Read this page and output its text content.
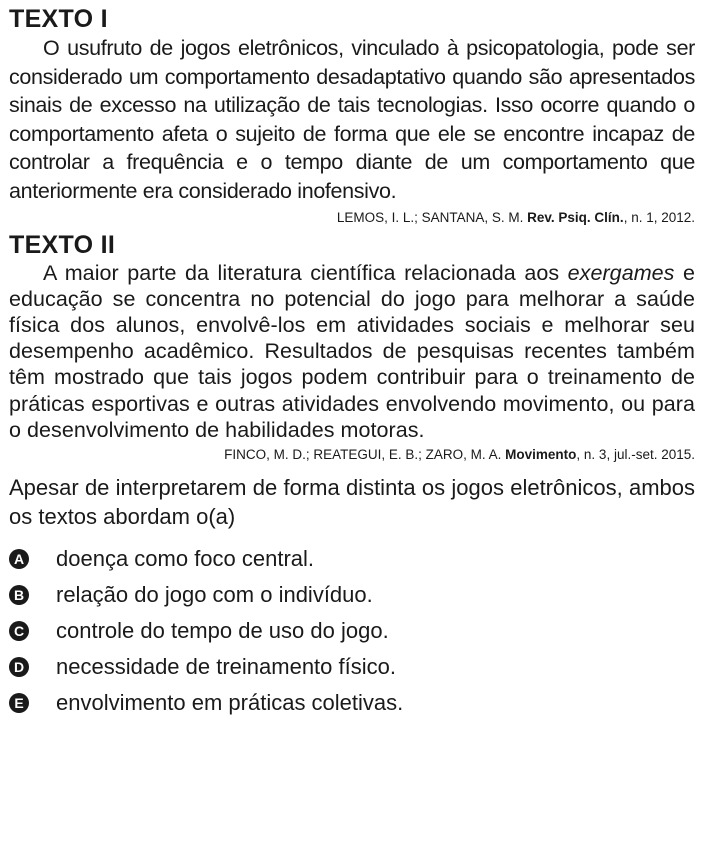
TEXTO I

O usufruto de jogos eletrônicos, vinculado à psicopatologia, pode ser considerado um comportamento desadaptativo quando são apresentados sinais de excesso na utilização de tais tecnologias. Isso ocorre quando o comportamento afeta o sujeito de forma que ele se encontre incapaz de controlar a frequência e o tempo diante de um comportamento que anteriormente era considerado inofensivo.

LEMOS, I. L.; SANTANA, S. M. Rev. Psiq. Clín., n. 1, 2012.

TEXTO II

A maior parte da literatura científica relacionada aos exergames e educação se concentra no potencial do jogo para melhorar a saúde física dos alunos, envolvê-los em atividades sociais e melhorar seu desempenho acadêmico. Resultados de pesquisas recentes também têm mostrado que tais jogos podem contribuir para o treinamento de práticas esportivas e outras atividades envolvendo movimento, ou para o desenvolvimento de habilidades motoras.

FINCO, M. D.; REATEGUI, E. B.; ZARO, M. A. Movimento, n. 3, jul.-set. 2015.

Apesar de interpretarem de forma distinta os jogos eletrônicos, ambos os textos abordam o(a)

A doença como foco central.
B relação do jogo com o indivíduo.
C controle do tempo de uso do jogo.
D necessidade de treinamento físico.
E envolvimento em práticas coletivas.
